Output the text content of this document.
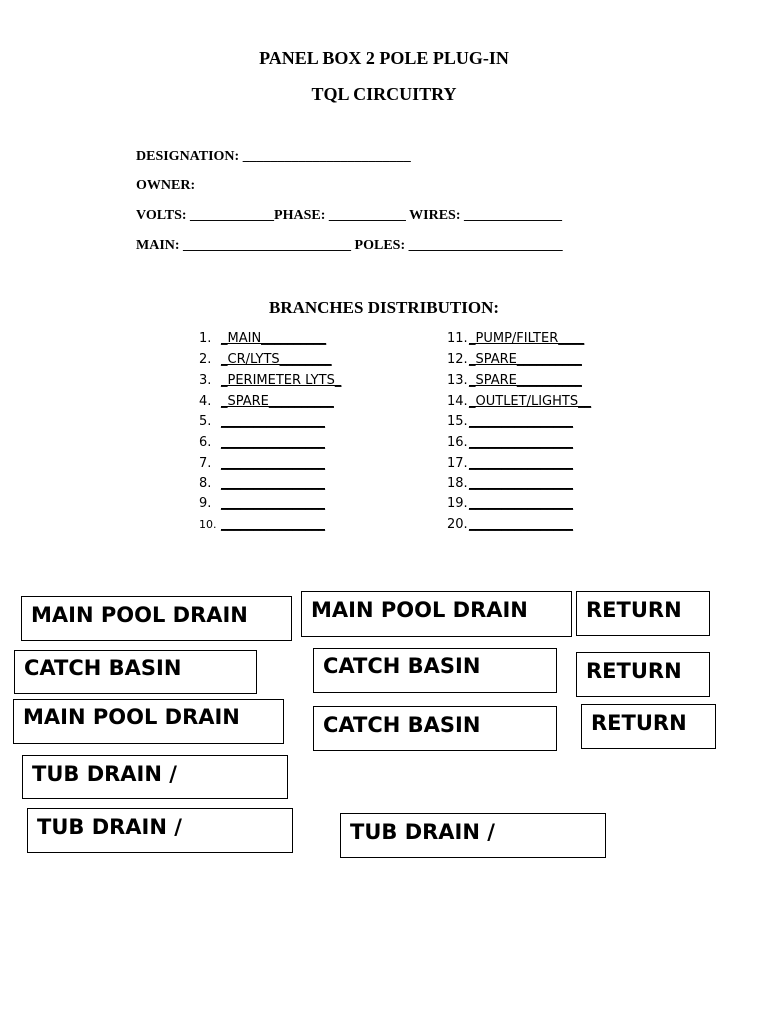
PANEL BOX 2 POLE PLUG-IN
TQL CIRCUITRY
DESIGNATION: ________________________
OWNER:
VOLTS: ____________PHASE: ___________ WIRES: ______________
MAIN: ________________________ POLES: ______________________
BRANCHES DISTRIBUTION:
1. _MAIN__________
2. _CR/LYTS________
3. _PERIMETER LYTS_
4. _SPARE__________
5. ________________
6. ________________
7. ________________
8. ________________
9. ________________
10. ________________
11._PUMP/FILTER____
12._SPARE__________
13._SPARE__________
14._OUTLET/LIGHTS__
15.________________
16.________________
17.________________
18.________________
19.________________
20.________________
MAIN POOL DRAIN	MAIN POOL DRAIN	RETURN
CATCH BASIN	CATCH BASIN	RETURN
MAIN POOL DRAIN	CATCH BASIN	RETURN
TUB DRAIN /
TUB DRAIN /	TUB DRAIN /
